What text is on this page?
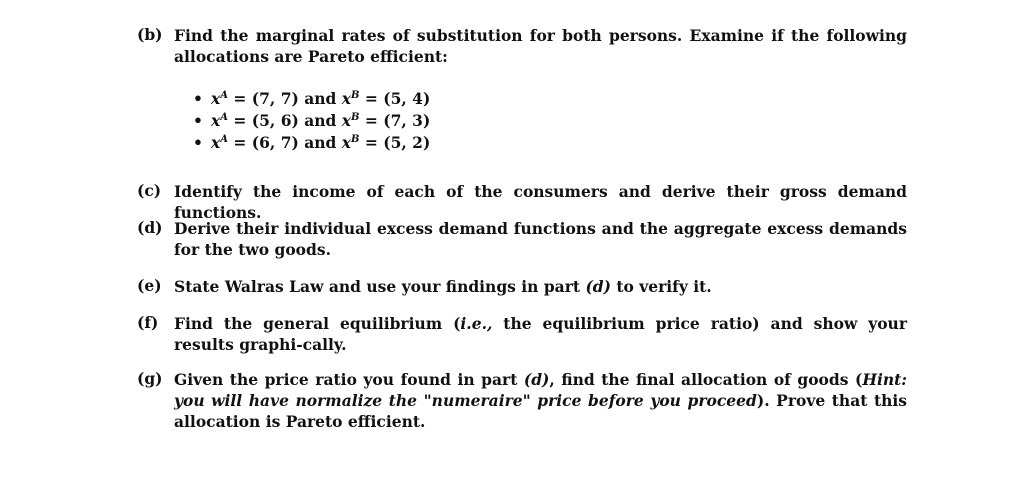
(b) Find the marginal rates of substitution for both persons. Examine if the following allocations are Pareto efficient:
• $x^A = (7$, 7) and $x^B = (5$, 4)
• $x^A = (5$, 6) and $x^B = (7$, 3)
• $x^A = (6$, 7) and $x^B = (5$, 2)
(c) Identify the income of each of the consumers and derive their gross demand functions.
(d) Derive their individual excess demand functions and the aggregate excess demands for the two goods.
(e) State Walras Law and use your findings in part (d) to verify it.
(f)	Find the general equilibrium (i.e., the equilibrium price ratio) and show your results graphi-cally.
(g) Given the price ratio you found in part (d), find the final allocation of goods (Hint: you will have normalize the "numeraire" price before you proceed). Prove that this allocation is Pareto efficient.
